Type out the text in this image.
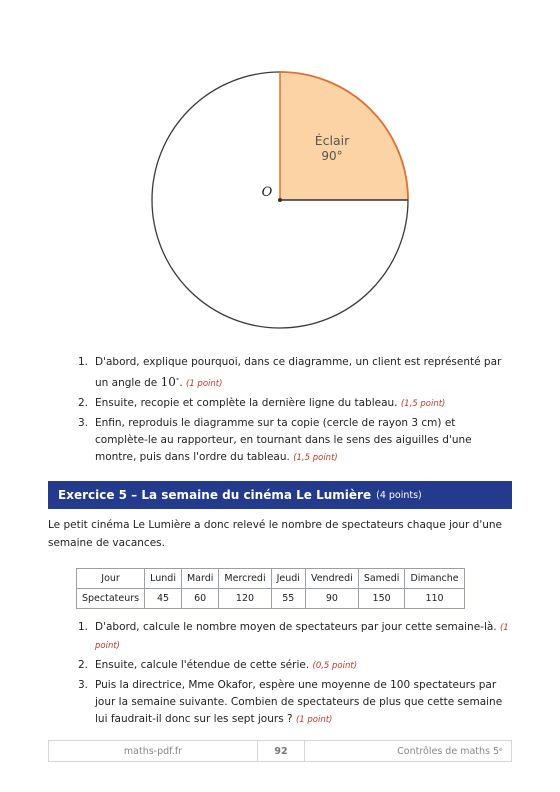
O
Éclair
90°
1. D'abord, explique pourquoi, dans ce diagramme, un client est représenté par un angle de 10∘. (1 point)
2. Ensuite, recopie et complète la dernière ligne du tableau. (1,5 point)
3. Enfin, reproduis le diagramme sur ta copie (cercle de rayon 3 cm) et complète-le au rapporteur, en tournant dans le sens des aiguilles d'une montre, puis dans l'ordre du tableau. (1,5 point)
Exercice 5 – La semaine du cinéma Le Lumière (4 points)

Le petit cinéma Le Lumière a donc relevé le nombre de spectateurs chaque jour d'une semaine de vacances.

Jour	Lundi	Mardi	Mercredi	Jeudi	Vendredi	Samedi	Dimanche
Spectateurs	45	60	120	55	90	150	110
1. D'abord, calcule le nombre moyen de spectateurs par jour cette semaine-là. (1 point)
2. Ensuite, calcule l'étendue de cette série. (0,5 point)
3. Puis la directrice, Mme Okafor, espère une moyenne de 100 spectateurs par jour la semaine suivante. Combien de spectateurs de plus que cette semaine lui faudrait-il donc sur les sept jours ? (1 point)
maths-pdf.fr	92	Contrôles de maths 5ᵉ
